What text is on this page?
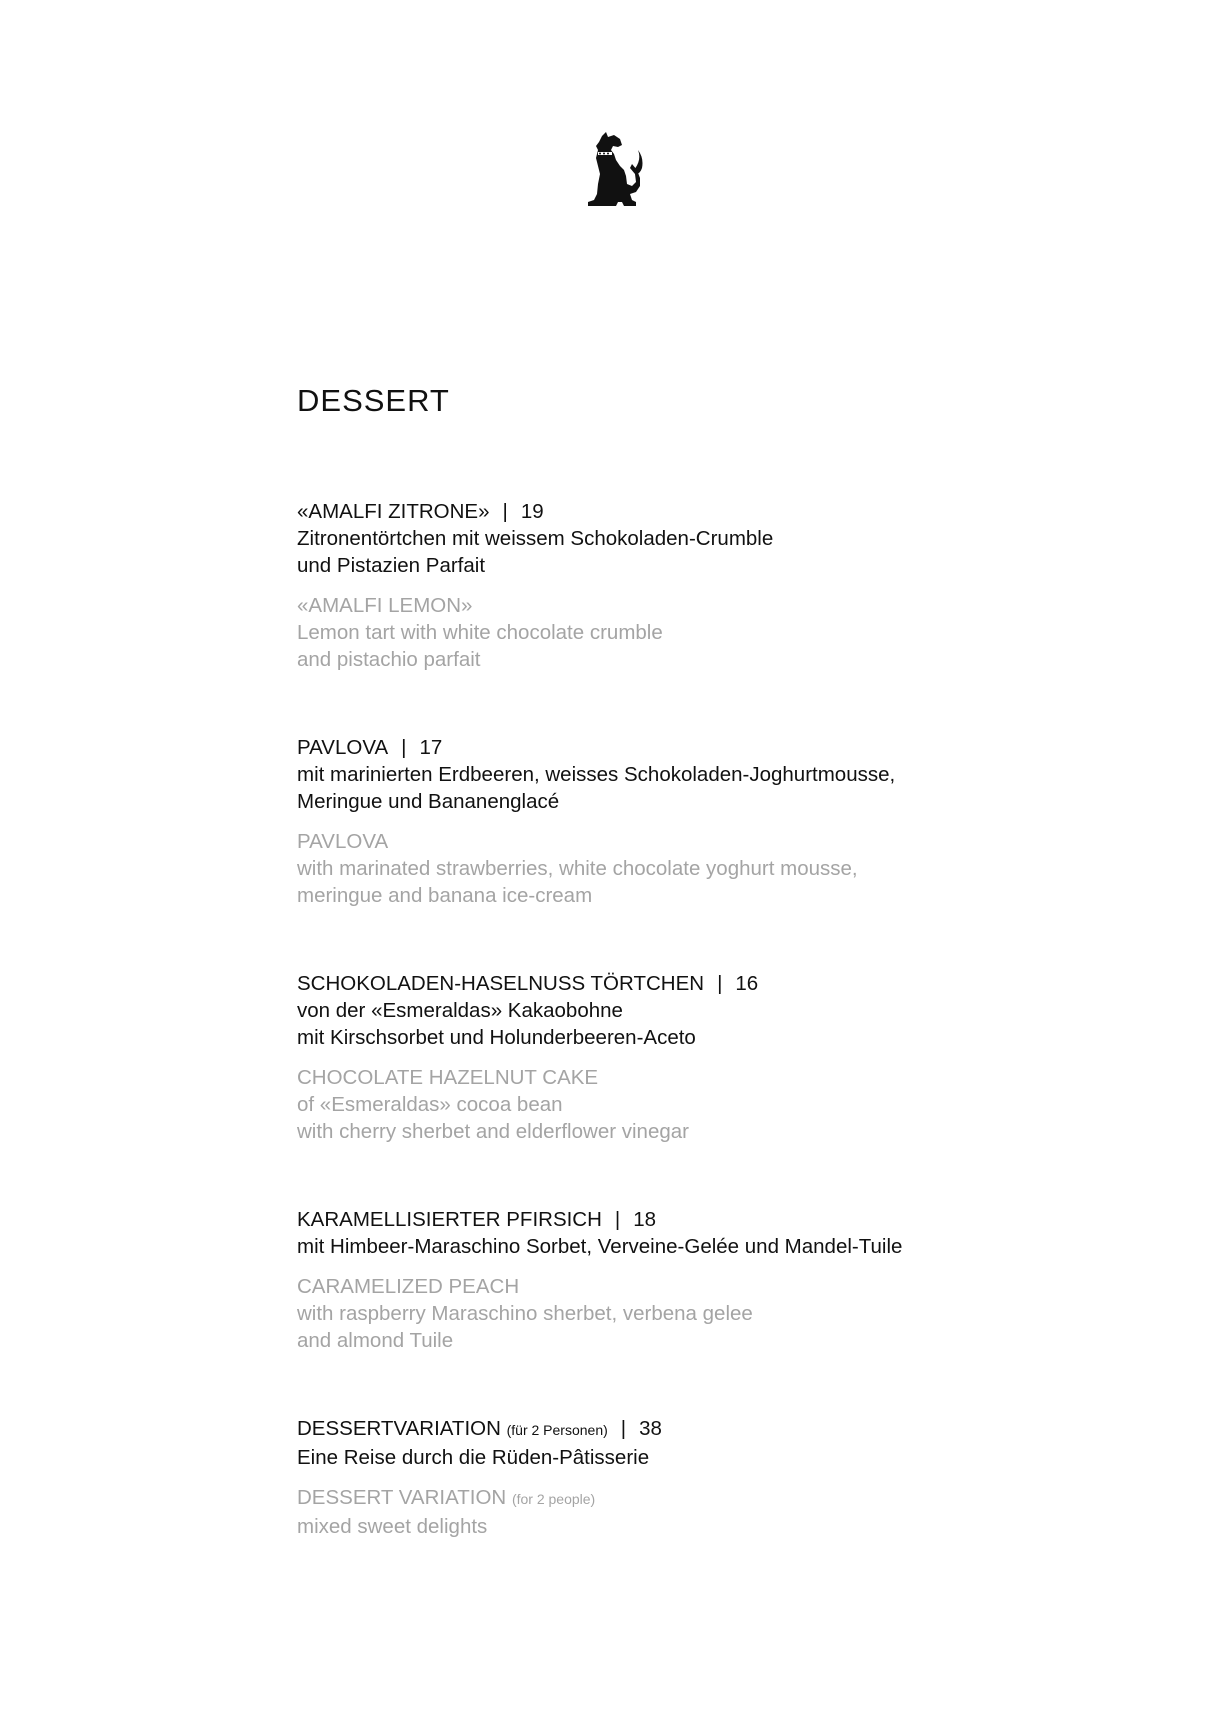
DESSERT
«AMALFI ZITRONE» | 19
Zitronentörtchen mit weissem Schokoladen-Crumble
und Pistazien Parfait
«AMALFI LEMON»
Lemon tart with white chocolate crumble
and pistachio parfait
PAVLOVA | 17
mit marinierten Erdbeeren, weisses Schokoladen-Joghurtmousse,
Meringue und Bananenglacé
PAVLOVA
with marinated strawberries, white chocolate yoghurt mousse,
meringue and banana ice-cream
SCHOKOLADEN-HASELNUSS TÖRTCHEN | 16
von der «Esmeraldas» Kakaobohne
mit Kirschsorbet und Holunderbeeren-Aceto
CHOCOLATE HAZELNUT CAKE
of «Esmeraldas» cocoa bean
with cherry sherbet and elderflower vinegar
KARAMELLISIERTER PFIRSICH | 18
mit Himbeer-Maraschino Sorbet, Verveine-Gelée und Mandel-Tuile
CARAMELIZED PEACH
with raspberry Maraschino sherbet, verbena gelee
and almond Tuile
DESSERTVARIATION (für 2 Personen) | 38
Eine Reise durch die Rüden-Pâtisserie
DESSERT VARIATION (for 2 people)
mixed sweet delights
